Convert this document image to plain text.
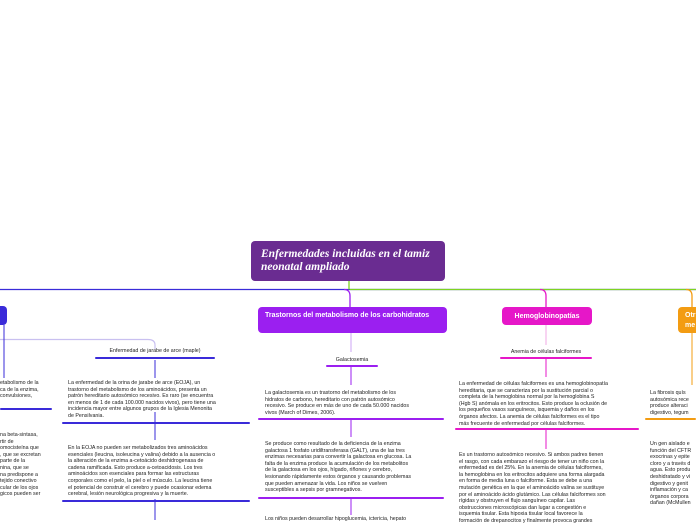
Enfermedades incluidas en el tamiz neonatal ampliado
Trastornos del metabolismo de los carbohidratos	Hemoglobinopatías	Otr me
Enfermedad de jarabe de arce (maple)
Galactosemia
Anemia de células falciformes
etabolismo de la
ca de la enzima,
convulsiones,
na beta-sintasa,
rtir de
omocisteína que
, que se excretan
parte de la
nina, que se
na predispone a
tejido conectivo
cular de los ojos
gicos pueden ser
La enfermedad de la orina de jarabe de arce (EOJA), un
trastorno del metabolismo de los aminoácidos, presenta un
patrón hereditario autosómico recesivo. Es raro (se encuentra
en menos de 1 de cada 100.000 nacidos vivos), pero tiene una
incidencia mayor entre algunos grupos de la Iglesia Menonita
de Pensilvania.
En la EOJA no pueden ser metabolizados tres aminoácidos
esenciales (leucina, isoleucina y valina) debido a la ausencia o
la alteración de la enzima a-cetoácido deshidrogenasa de
cadena ramificada. Esto produce a-cetoacidosis. Los tres
aminoácidos son esenciales para formar las estructuras
corporales como el pelo, la piel o el músculo. La leucina tiene
el potencial de construir el cerebro y puede ocasionar edema
cerebral, lesión neurológica progresiva y la muerte.
La galactosemia es un trastorno del metabolismo de los
hidratos de carbono, hereditario con patrón autosómico
recesivo. Se produce en más de uno de cada 50.000 nacidos
vivos (March of Dimes, 2006).
Se produce como resultado de la deficiencia de la enzima
galactosa 1 fosfato uridiltransferasa (GALT), una de las tres
enzimas necesarias para convertir la galactosa en glucosa. La
falta de la enzima produce la acumulación de los metabolitos
de la galactosa en los ojos, hígado, riñones y cerebro,
lesionando rápidamente estos órganos y causando problemas
que pueden amenazar la vida. Los niños se vuelven
susceptibles a sepsis por gramnegativos.
Los niños pueden desarrollar hipoglucemia, ictericia, hepato
La enfermedad de células falciformes es una hemoglobinopatía
hereditaria, que se caracteriza por la sustitución parcial o
completa de la hemoglobina normal por la hemoglobina S
(Hgb S) anómala en los eritrocitos. Esto produce la oclusión de
los pequeños vasos sanguíneos, isquemia y daños en los
órganos afectos. La anemia de células falciformes es el tipo
más frecuente de enfermedad por células falciformes.
Es un trastorno autosómico recesivo. Si ambos padres tienen
el rasgo, con cada embarazo el riesgo de tener un niño con la
enfermedad es del 25%. En la anemia de células falciformes,
la hemoglobina en los eritrocitos adquiere una forma alargada
en forma de media luna o falciforme. Esta se debe a una
mutación genética en la que el aminoácido valina se sustituye
por el aminoácido ácido glutámico. Las células falciformes son
rígidas y obstruyen el flujo sanguíneo capilar. Las
obstrucciones microscópicas dan lugar a congestión e
isquemia tisular. Esta hipoxia tisular local favorece la
formación de drepanocitos y finalmente provoca grandes
La fibrosis quís
autosómica rece
produce alteraci
digestivo, tegum
Un gen aislado e
función del CFTR
exocrinas y epite
cloro y a través d
agua. Esto produ
deshidratado y vi
digestivo y genit
inflamación y ca
órganos corpora
dañan (McMullen
